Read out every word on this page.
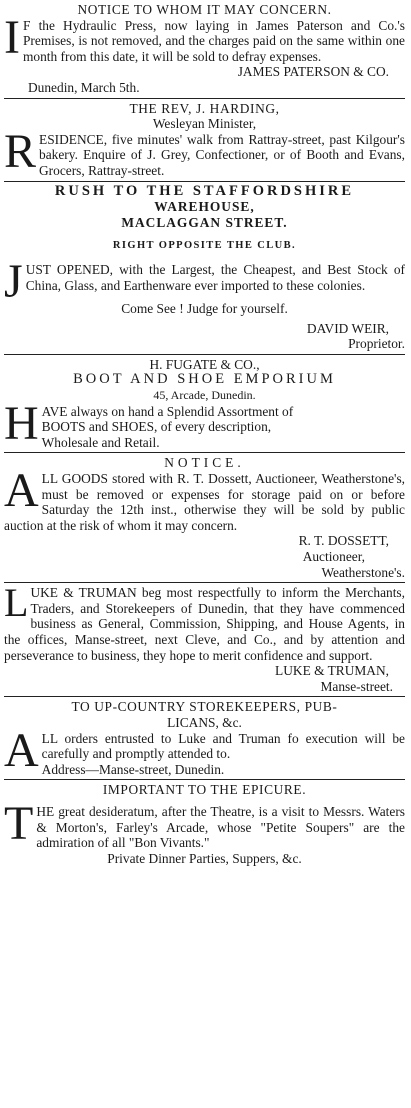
NOTICE TO WHOM IT MAY CONCERN.

I F the Hydraulic Press, now laying in James Paterson and Co.'s Premises, is not removed, and the charges paid on the same within one month from this date, it will be sold to defray expenses.

JAMES PATERSON & CO.
Dunedin, March 5th.
THE REV, J. HARDING,
Wesleyan Minister,

RESIDENCE, five minutes' walk from Rattray-street, past Kilgour's bakery. Enquire of J. Grey, Confectioner, or of Booth and Evans, Grocers, Rattray-street.

RUSH TO THE STAFFORDSHIRE
WAREHOUSE,
MACLAGGAN STREET.
RIGHT OPPOSITE THE CLUB.

JUST OPENED, with the Largest, the Cheapest, and Best Stock of China, Glass, and Earthenware ever imported to these colonies.

Come See ! Judge for yourself.
DAVID WEIR,
Proprietor.
H. FUGATE & CO.,
BOOT AND SHOE EMPORIUM
45, Arcade, Dunedin.

HAVE always on hand a Splendid Assortment of
BOOTS and SHOES, of every description,
Wholesale and Retail.

NOTICE.

ALL GOODS stored with R. T. Dossett, Auctioneer, Weatherstone's, must be removed or expenses for storage paid on or before Saturday the 12th inst., otherwise they will be sold by public auction at the risk of whom it may concern.

R. T. DOSSETT,
Auctioneer,
Weatherstone's.

LUKE & TRUMAN beg most respectfully to inform the Merchants, Traders, and Storekeepers of Dunedin, that they have commenced business as General, Commission, Shipping, and House Agents, in the offices, Manse-street, next Cleve, and Co., and by attention and perseverance to business, they hope to merit confidence and support.

LUKE & TRUMAN,
Manse-street.
TO UP-COUNTRY STOREKEEPERS, PUB-
LICANS, &c.

ALL orders entrusted to Luke and Truman fo execution will be carefully and promptly attended to.

Address—Manse-street, Dunedin.
IMPORTANT TO THE EPICURE.

THE great desideratum, after the Theatre, is a visit to Messrs. Waters & Morton's, Farley's Arcade, whose "Petite Soupers" are the admiration of all "Bon Vivants."

Private Dinner Parties, Suppers, &c.
